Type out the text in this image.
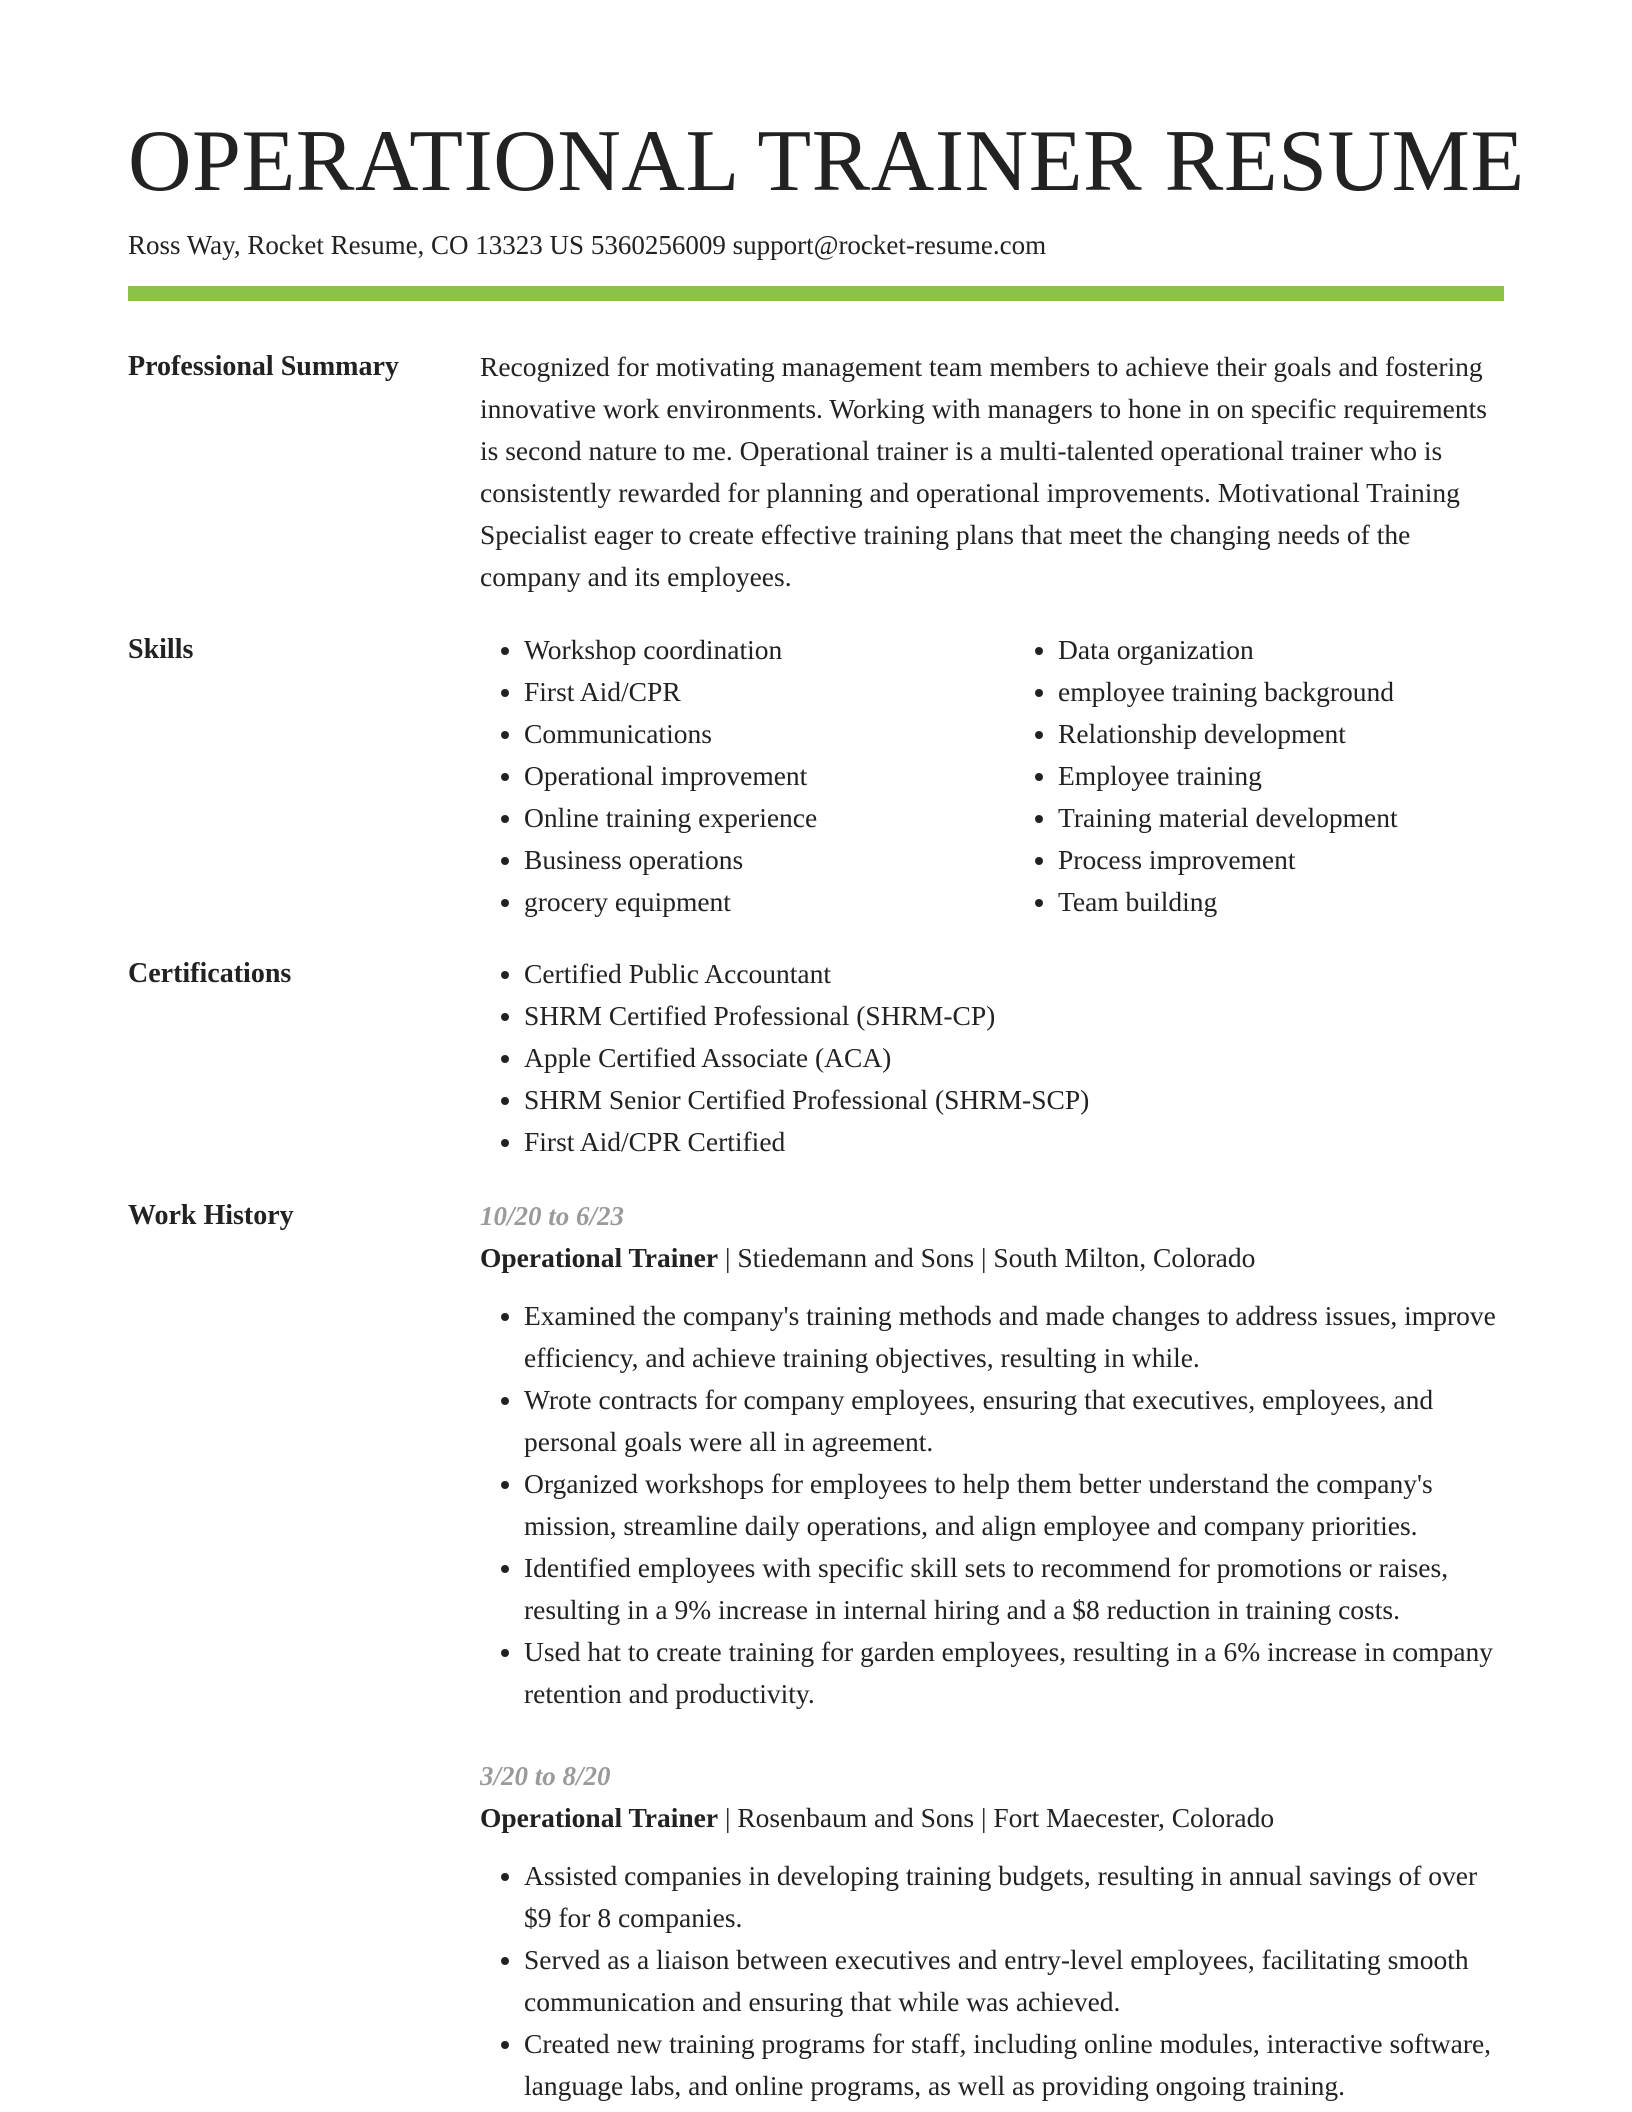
OPERATIONAL TRAINER RESUME
Ross Way, Rocket Resume, CO 13323 US 5360256009 support@rocket-resume.com
Professional Summary	Recognized for motivating management team members to achieve their goals and fostering innovative work environments. Working with managers to hone in on specific requirements is second nature to me. Operational trainer is a multi-talented operational trainer who is consistently rewarded for planning and operational improvements. Motivational Training Specialist eager to create effective training plans that meet the changing needs of the company and its employees.

Skills	• Workshop coordination
• First Aid/CPR
• Communications
• Operational improvement
• Online training experience
• Business operations
• grocery equipment
• Data organization
• employee training background
• Relationship development
• Employee training
• Training material development
• Process improvement
• Team building
Certifications	• Certified Public Accountant
• SHRM Certified Professional (SHRM-CP)
• Apple Certified Associate (ACA)
• SHRM Senior Certified Professional (SHRM-SCP)
• First Aid/CPR Certified
Work History	10/20 to 6/23
Operational Trainer | Stiedemann and Sons | South Milton, Colorado
• Examined the company's training methods and made changes to address issues, improve efficiency, and achieve training objectives, resulting in while.
• Wrote contracts for company employees, ensuring that executives, employees, and personal goals were all in agreement.
• Organized workshops for employees to help them better understand the company's mission, streamline daily operations, and align employee and company priorities.
• Identified employees with specific skill sets to recommend for promotions or raises, resulting in a 9% increase in internal hiring and a $8 reduction in training costs.
• Used hat to create training for garden employees, resulting in a 6% increase in company retention and productivity.
3/20 to 8/20
Operational Trainer | Rosenbaum and Sons | Fort Maecester, Colorado
• Assisted companies in developing training budgets, resulting in annual savings of over $9 for 8 companies.
• Served as a liaison between executives and entry-level employees, facilitating smooth communication and ensuring that while was achieved.
• Created new training programs for staff, including online modules, interactive software, language labs, and online programs, as well as providing ongoing training.
